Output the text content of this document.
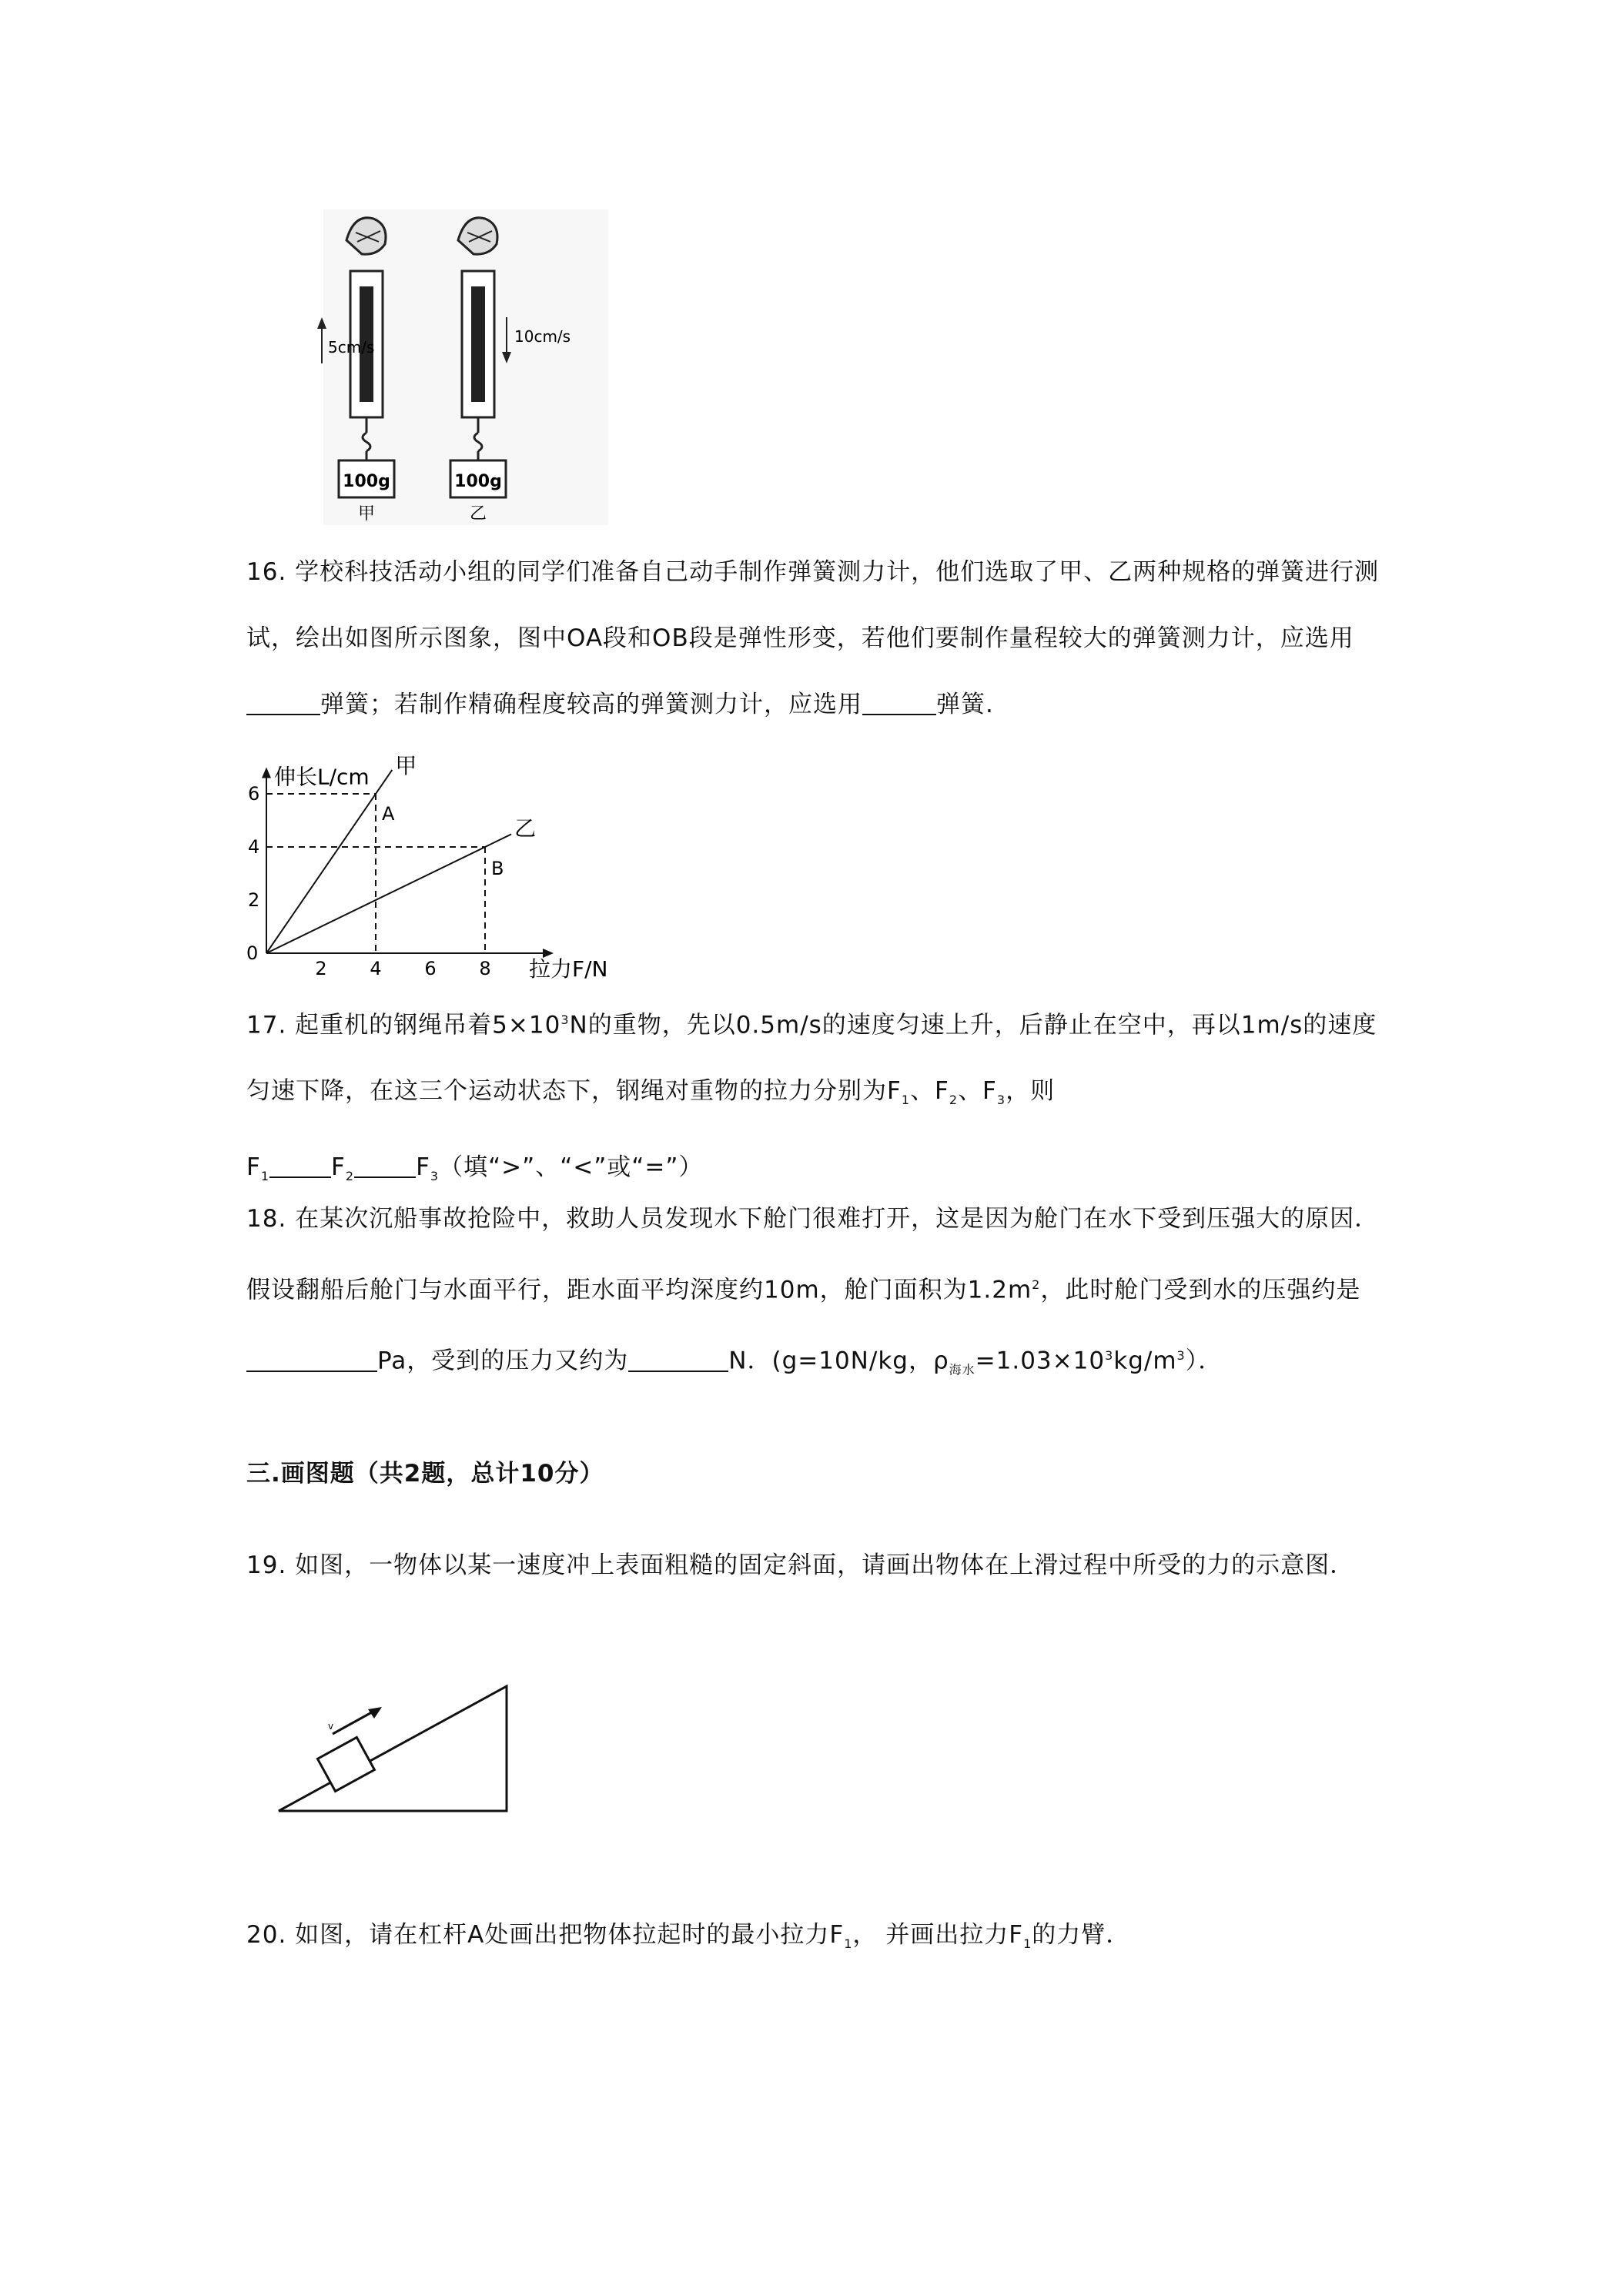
100g
甲
5cm/s
100g
乙
10cm/s
16. 学校科技活动小组的同学们准备自己动手制作弹簧测力计，他们选取了甲、乙两种规格的弹簧进行测试，绘出如图所示图象，图中OA段和OB段是弹性形变，若他们要制作量程较大的弹簧测力计，应选用弹簧；若制作精确程度较高的弹簧测力计，应选用	弹簧.
伸长L/cm
拉力F/N
0
2 4 6 8
2
4
6
A
甲
B
乙
17. 起重机的钢绳吊着$5\times 10^3N$的重物，先以0.5m/s的速度匀速上升，后静止在空中，再以1m/s的速度匀速下降，在这三个运动状态下，钢绳对重物的拉力分别为$F_1$、$F_2$、$F_3$，则
$F_1$	$F_2$	$F_3$（填“>”、“<”或“=”）
18. 在某次沉船事故抢险中，救助人员发现水下舱门很难打开，这是因为舱门在水下受到压强大的原因．假设翻船后舱门与水面平行，距水面平均深度约10m，舱门面积为$1.2m^2$，此时舱门受到水的压强约是Pa，受到的压力又约为	N．(g=10N/kg，$\rho_{海水}=1.03\times 10^3kg/m^3$）．
三.画图题（共2题，总计10分）
19. 如图，一物体以某一速度冲上表面粗糙的固定斜面，请画出物体在上滑过程中所受的力的示意图．
v
20. 如图，请在杠杆A处画出把物体拉起时的最小拉力$F_1$， 并画出拉力$F_1$的力臂．
